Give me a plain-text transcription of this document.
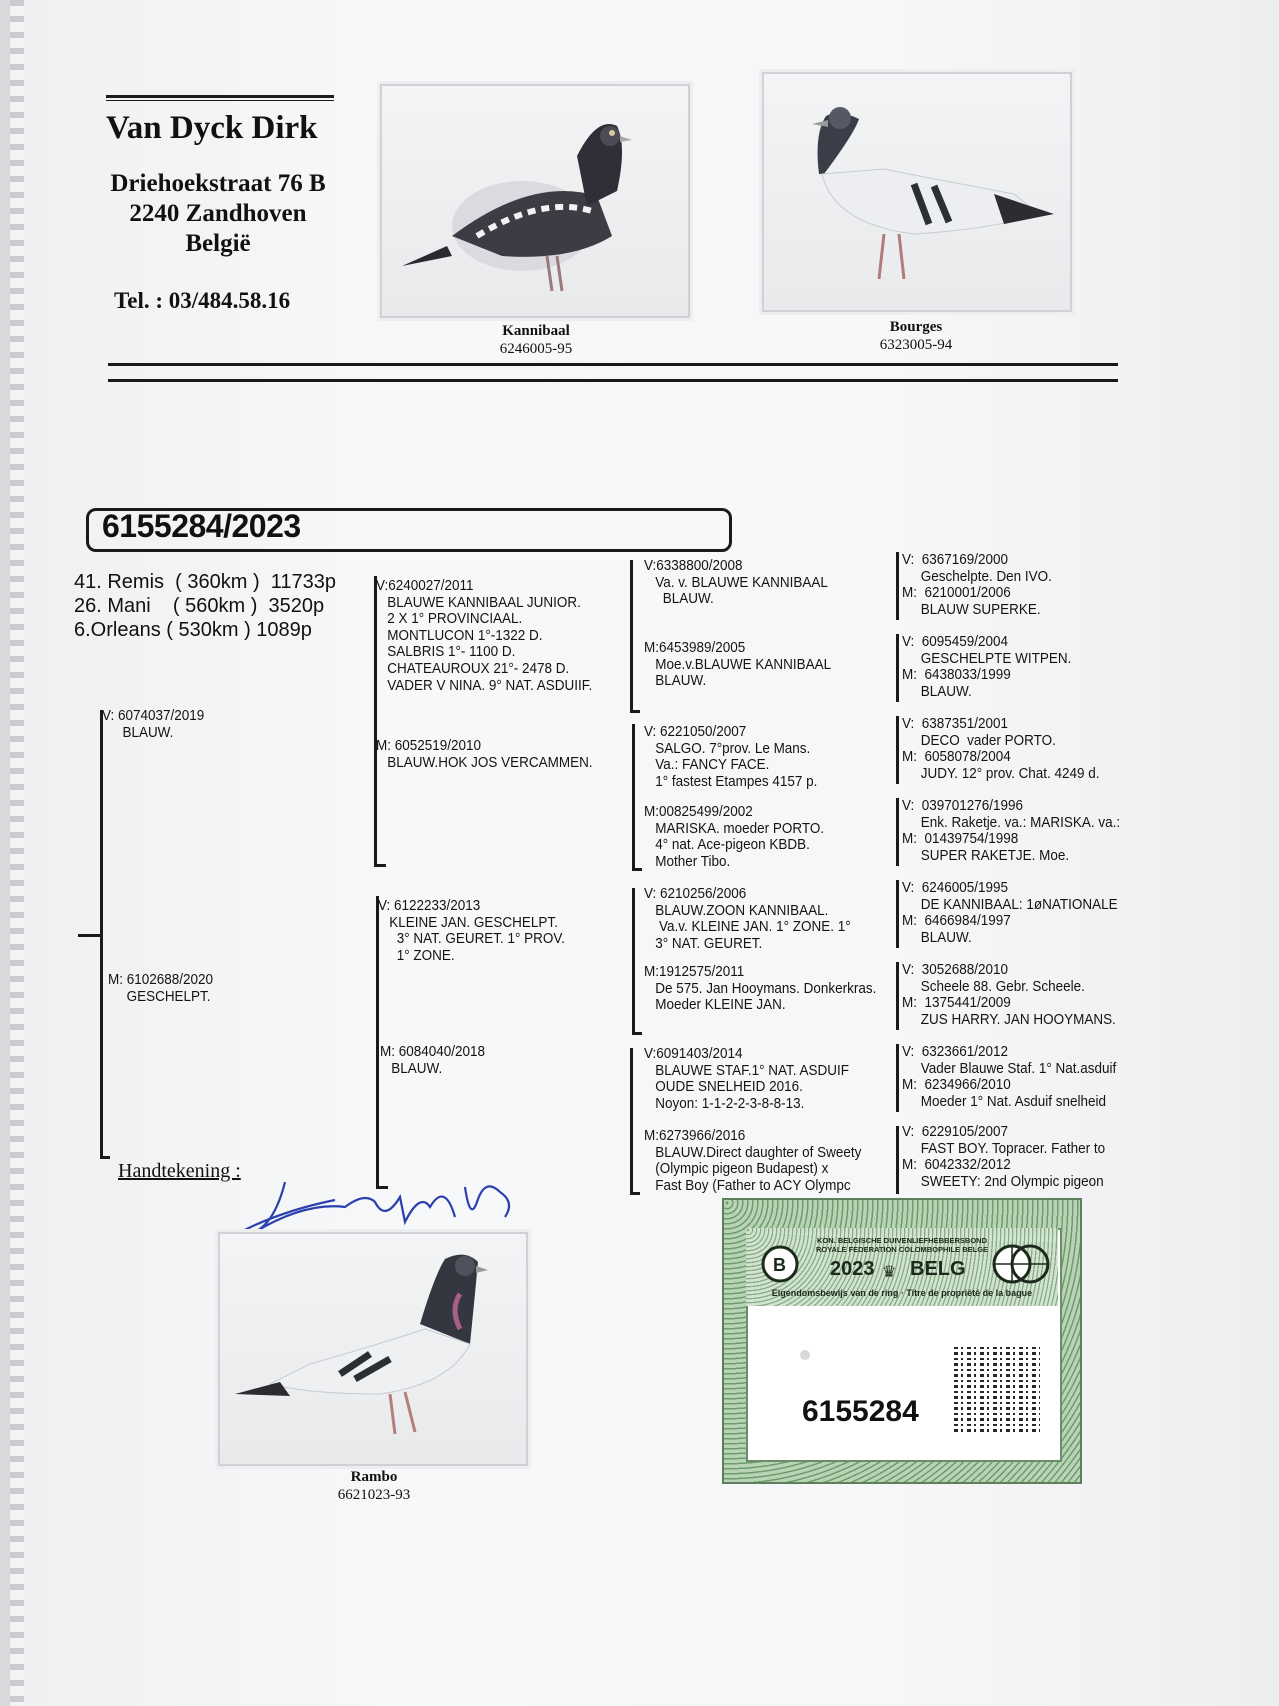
Van Dyck Dirk
Driehoekstraat 76 B
2240 Zandhoven
België
Tel. : 03/484.58.16
Kannibaal
6246005-95
Bourges
6323005-94
6155284/2023
41. Remis  ( 360km )  11733p
26. Mani    ( 560km )  3520p
6.Orleans ( 530km ) 1089p
V: 6074037/2019
BLAUW.
M: 6102688/2020
GESCHELPT.
V:6240027/2011
BLAUWE KANNIBAAL JUNIOR.
2 X 1° PROVINCIAAL.
MONTLUCON 1°-1322 D.
SALBRIS 1°- 1100 D.
CHATEAUROUX 21°- 2478 D.
VADER V NINA. 9° NAT. ASDUIIF.
M: 6052519/2010
BLAUW.HOK JOS VERCAMMEN.
V: 6122233/2013
KLEINE JAN. GESCHELPT.
3° NAT. GEURET. 1° PROV.
1° ZONE.
M: 6084040/2018
BLAUW.
V:6338800/2008
Va. v. BLAUWE KANNIBAAL
BLAUW.
M:6453989/2005
Moe.v.BLAUWE KANNIBAAL
BLAUW.
V: 6221050/2007
SALGO. 7°prov. Le Mans.
Va.: FANCY FACE.
1° fastest Etampes 4157 p.
M:00825499/2002
MARISKA. moeder PORTO.
4° nat. Ace-pigeon KBDB.
Mother Tibo.
V: 6210256/2006
BLAUW.ZOON KANNIBAAL.
Va.v. KLEINE JAN. 1° ZONE. 1°
3° NAT. GEURET.
M:1912575/2011
De 575. Jan Hooymans. Donkerkras.
Moeder KLEINE JAN.
V:6091403/2014
BLAUWE STAF.1° NAT. ASDUIF
OUDE SNELHEID 2016.
Noyon: 1-1-2-2-3-8-8-13.
M:6273966/2016
BLAUW.Direct daughter of Sweety
(Olympic pigeon Budapest) x
Fast Boy (Father to ACY Olympc
V:  6367169/2000
Geschelpte. Den IVO.
M:  6210001/2006
BLAUW SUPERKE.
V:  6095459/2004
GESCHELPTE WITPEN.
M:  6438033/1999
BLAUW.
V:  6387351/2001
DECO  vader PORTO.
M:  6058078/2004
JUDY. 12° prov. Chat. 4249 d.
V:  039701276/1996
Enk. Raketje. va.: MARISKA. va.:
M:  01439754/1998
SUPER RAKETJE. Moe.
V:  6246005/1995
DE KANNIBAAL: 1øNATIONALE
M:  6466984/1997
BLAUW.
V:  3052688/2010
Scheele 88. Gebr. Scheele.
M:  1375441/2009
ZUS HARRY. JAN HOOYMANS.
V:  6323661/2012
Vader Blauwe Staf. 1° Nat.asduif
M:  6234966/2010
Moeder 1° Nat. Asduif snelheid
V:  6229105/2007
FAST BOY. Topracer. Father to
M:  6042332/2012
SWEETY: 2nd Olympic pigeon
Handtekening :
Rambo
6621023-93
B
KON. BELGISCHE DUIVENLIEFHEBBERSBOND
ROYALE FEDERATION COLOMBOPHILE BELGE
2023 ♛ BELG
Eigendomsbewijs van de ring · Titre de propriété de la bague
6155284
